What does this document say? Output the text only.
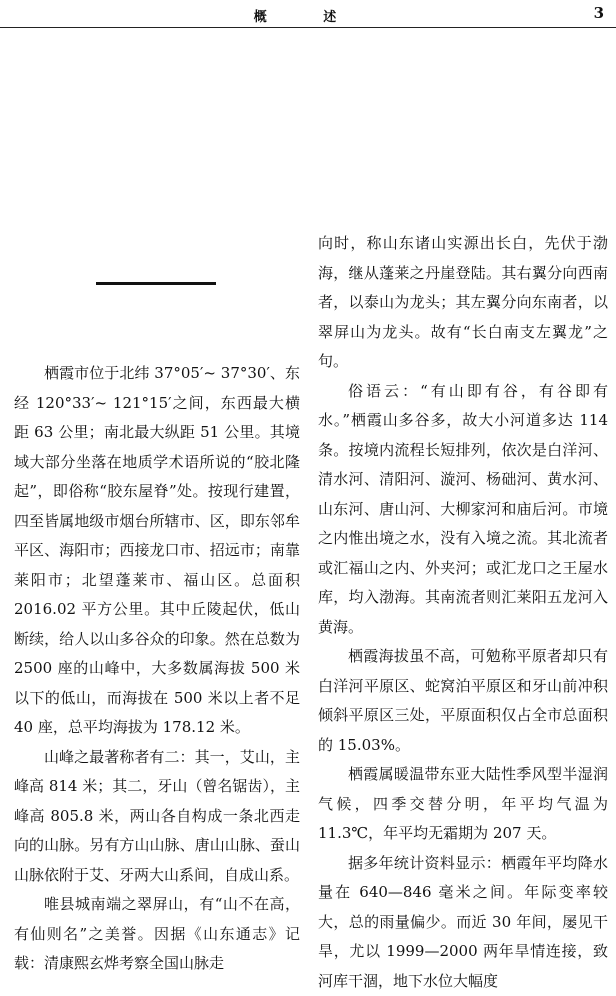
概 述	3

栖霞市位于北纬 37°05′~ 37°30′、东经 120°33′~ 121°15′之间，东西最大横距 63 公里；南北最大纵距 51 公里。其境域大部分坐落在地质学术语所说的“胶北隆起”，即俗称“胶东屋脊”处。按现行建置，四至皆属地级市烟台所辖市、区，即东邻牟平区、海阳市；西接龙口市、招远市；南靠莱阳市；北望蓬莱市、福山区。总面积 2016.02 平方公里。其中丘陵起伏，低山断续，给人以山多谷众的印象。然在总数为 2500 座的山峰中，大多数属海拔 500 米以下的低山，而海拔在 500 米以上者不足 40 座，总平均海拔为 178.12 米。

山峰之最著称者有二：其一，艾山，主峰高 814 米；其二，牙山（曾名锯齿），主峰高 805.8 米，两山各自构成一条北西走向的山脉。另有方山山脉、唐山山脉、蚕山山脉依附于艾、牙两大山系间，自成山系。

唯县城南端之翠屏山，有“山不在高，有仙则名”之美誉。因据《山东通志》记载：清康熙玄烨考察全国山脉走

向时，称山东诸山实源出长白，先伏于渤海，继从蓬莱之丹崖登陆。其右翼分向西南者，以泰山为龙头；其左翼分向东南者，以翠屏山为龙头。故有“长白南支左翼龙”之句。

俗语云：“有山即有谷，有谷即有水。”栖霞山多谷多，故大小河道多达 114 条。按境内流程长短排列，依次是白洋河、清水河、清阳河、漩河、杨础河、黄水河、山东河、唐山河、大柳家河和庙后河。市境之内惟出境之水，没有入境之流。其北流者或汇福山之内、外夹河；或汇龙口之王屋水库，均入渤海。其南流者则汇莱阳五龙河入黄海。

栖霞海拔虽不高，可勉称平原者却只有白洋河平原区、蛇窝泊平原区和牙山前冲积倾斜平原区三处，平原面积仅占全市总面积的 15.03%。

栖霞属暖温带东亚大陆性季风型半湿润气候，四季交替分明，年平均气温为 11.3℃，年平均无霜期为 207 天。

据多年统计资料显示：栖霞年平均降水量在 640—846 毫米之间。年际变率较大，总的雨量偏少。而近 30 年间，屡见干旱，尤以 1999—2000 两年旱情连接，致河库干涸，地下水位大幅度
